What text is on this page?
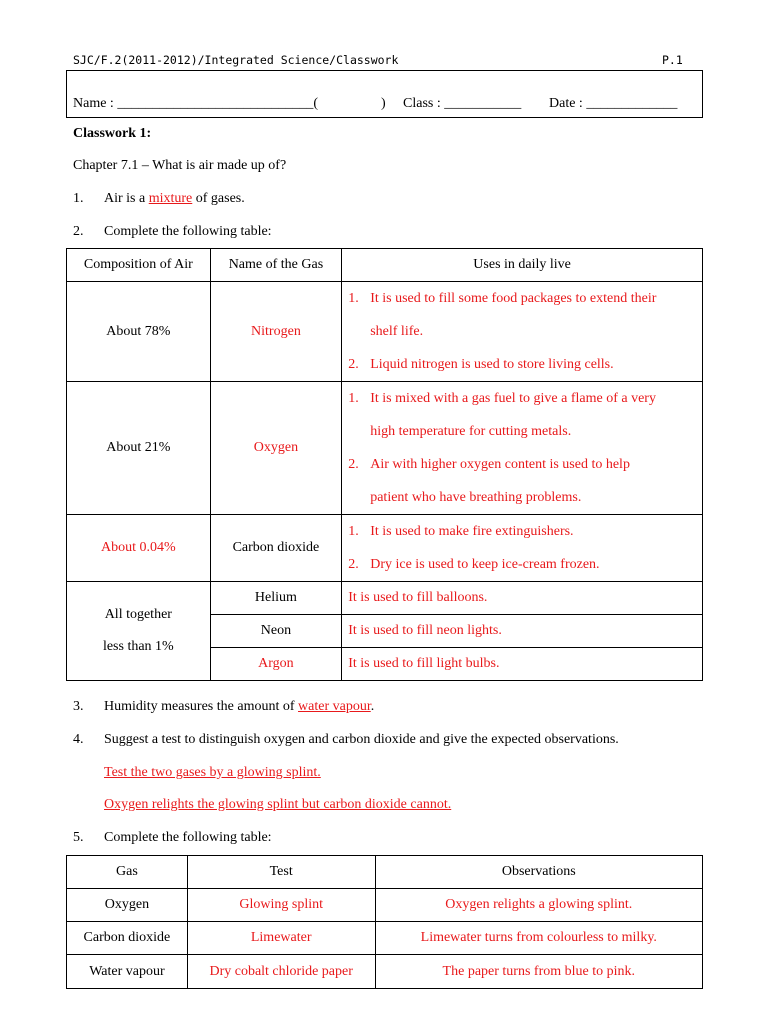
SJC/F.2(2011-2012)/Integrated Science/Classwork	P.1
Name : ____________________________(	) Class : ___________ Date : _____________
Classwork 1:
Chapter 7.1 – What is air made up of?
1. Air is a mixture of gases.
2. Complete the following table:
Composition of Air	Name of the Gas	Uses in daily live
About 78%	Nitrogen	1. It is used to fill some food packages to extend their
shelf life.
2. Liquid nitrogen is used to store living cells.

About 21%	Oxygen	1. It is mixed with a gas fuel to give a flame of a very
high temperature for cutting metals.
2. Air with higher oxygen content is used to help
patient who have breathing problems.

About 0.04%	Carbon dioxide	1. It is used to make fire extinguishers.
2. Dry ice is used to keep ice-cream frozen.

All together
less than 1%	Helium	It is used to fill balloons.
	Neon	It is used to fill neon lights.
	Argon	It is used to fill light bulbs.
3. Humidity measures the amount of water vapour.
4. Suggest a test to distinguish oxygen and carbon dioxide and give the expected observations.
Test the two gases by a glowing splint.
Oxygen relights the glowing splint but carbon dioxide cannot.
5. Complete the following table:
Gas	Test	Observations
Oxygen	Glowing splint	Oxygen relights a glowing splint.
Carbon dioxide	Limewater	Limewater turns from colourless to milky.
Water vapour	Dry cobalt chloride paper	The paper turns from blue to pink.
